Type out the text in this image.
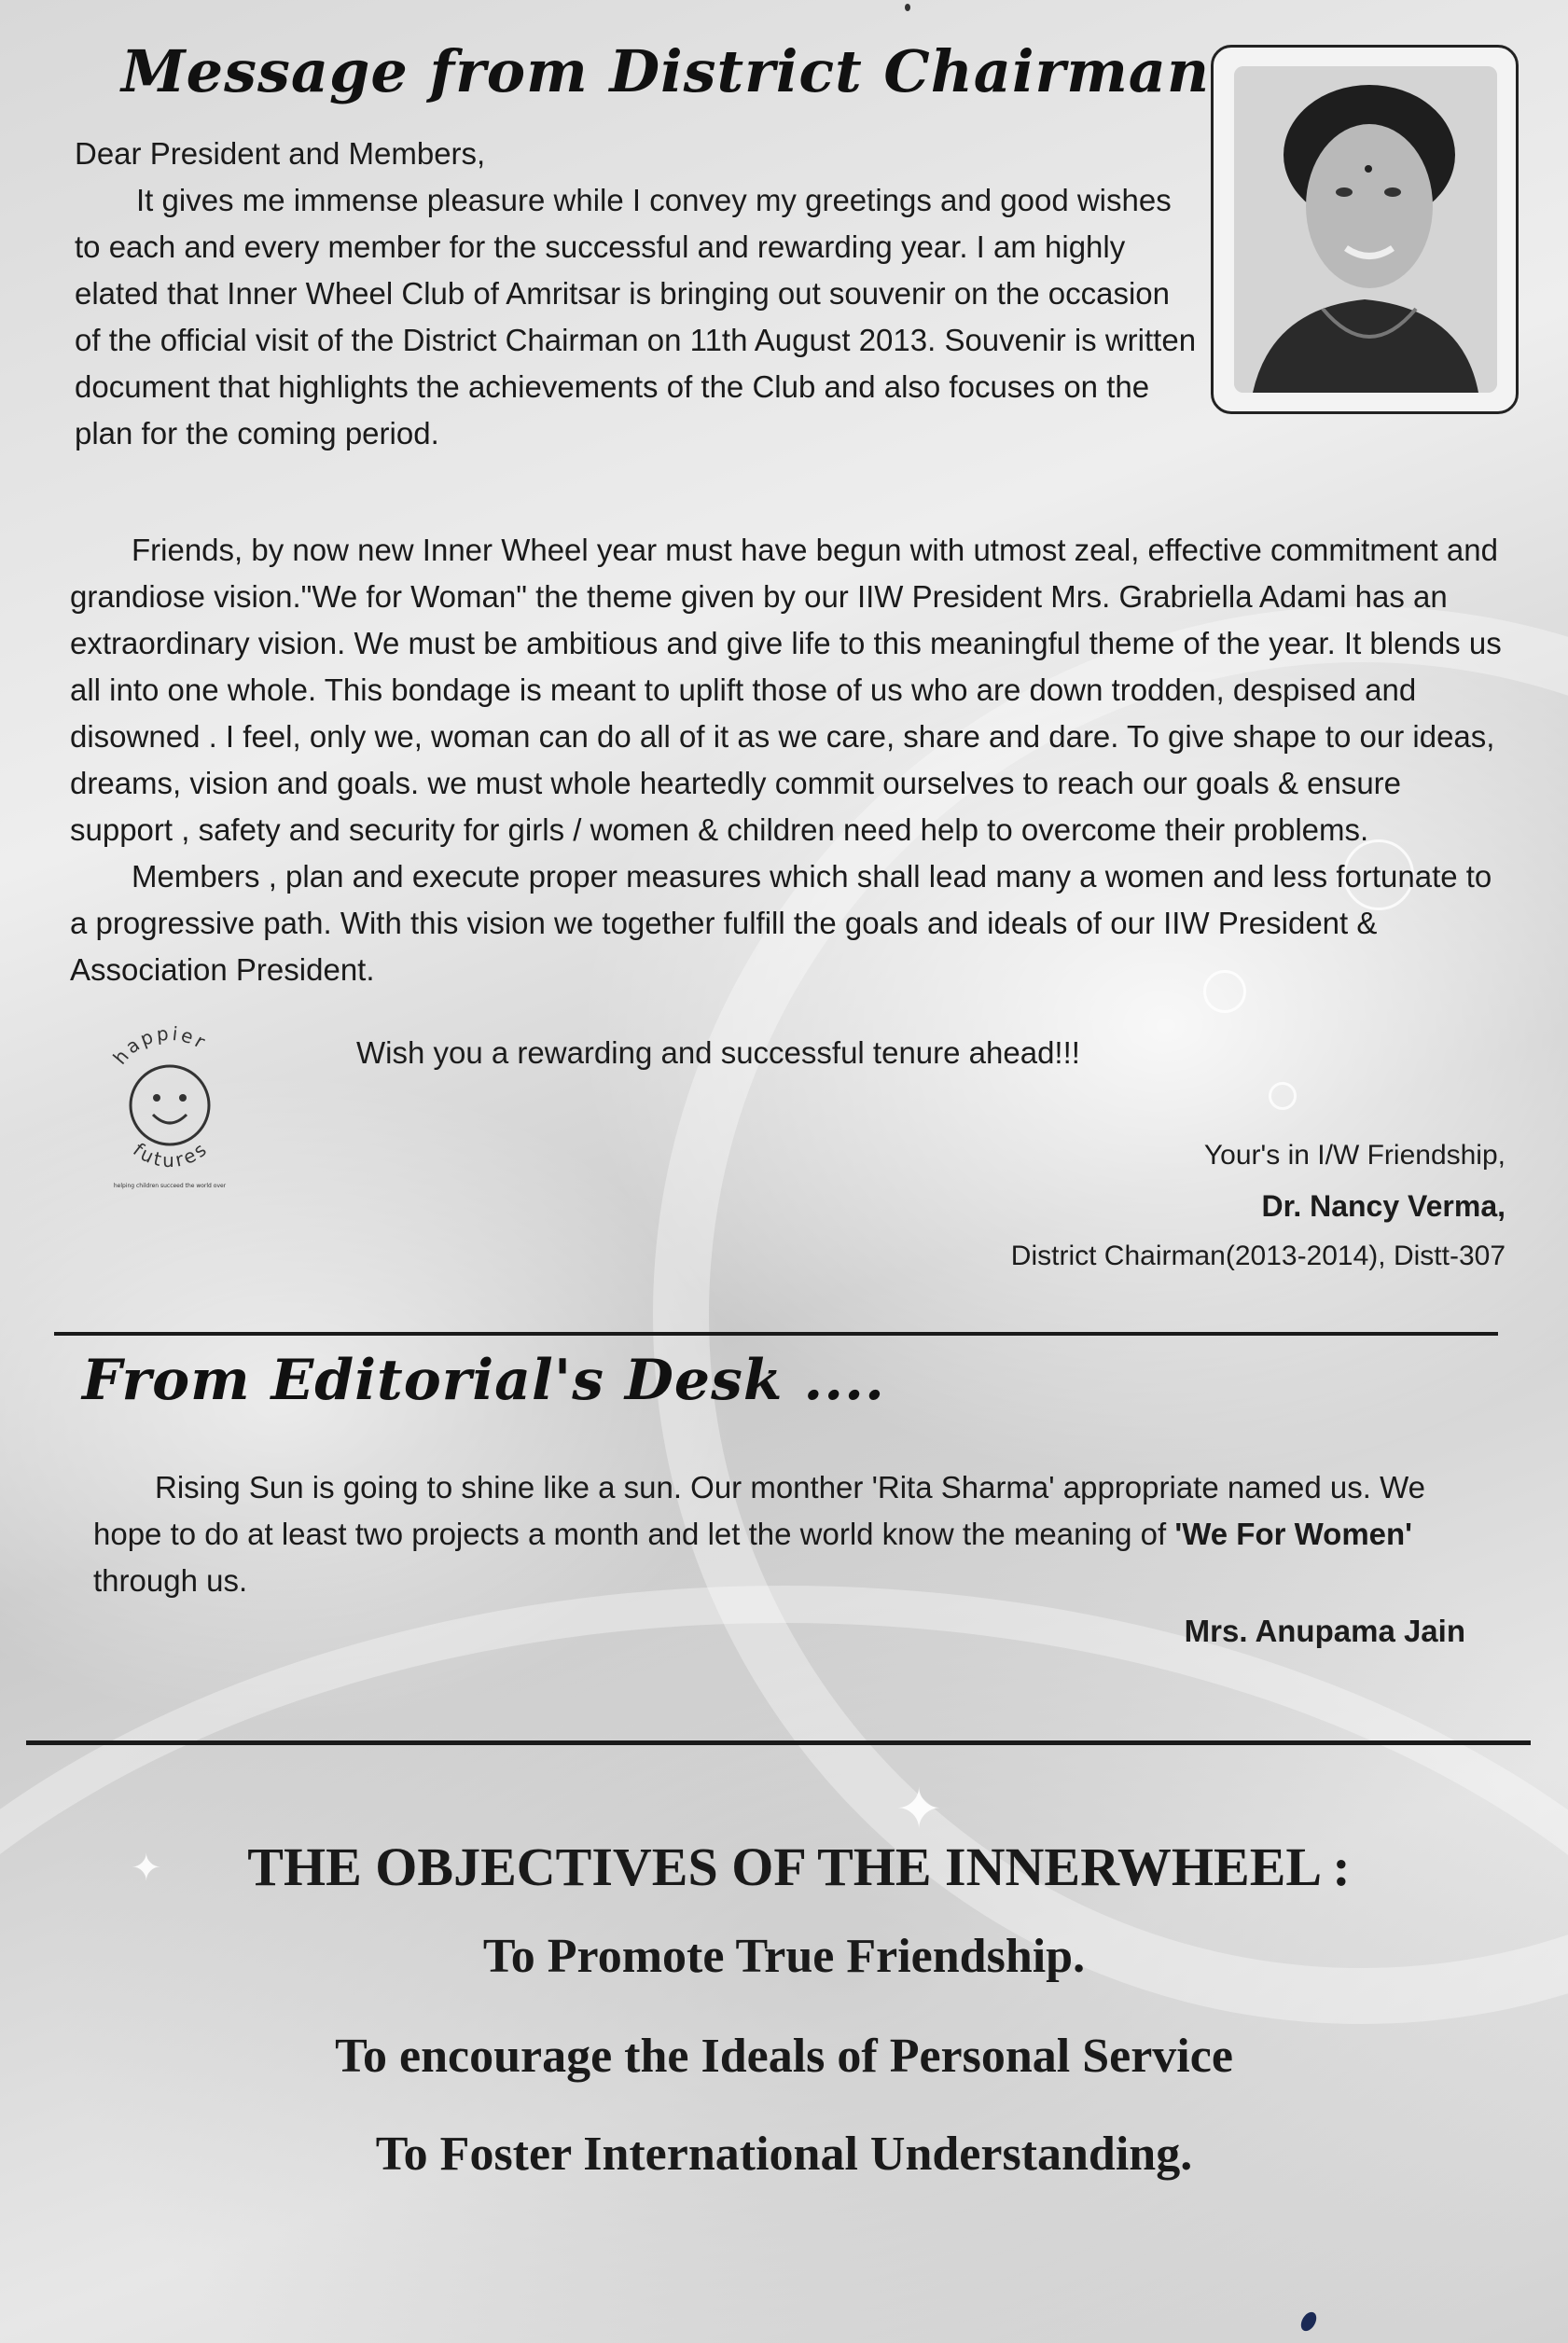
✦
✦
Message from District Chairman

Dear President and Members,

It gives me immense pleasure while I convey my greetings and good wishes to each and every member for the successful and rewarding year. I am highly elated that Inner Wheel Club of Amritsar is bringing out souvenir on the occasion of the official visit of the District Chairman on 11th August 2013. Souvenir is written document that highlights the achievements of the Club and also focuses on the plan for the coming period.

Friends, by now new Inner Wheel year must have begun with utmost zeal, effective commitment and grandiose vision."We for Woman" the theme given by our IIW President Mrs. Grabriella Adami has an extraordinary vision. We must be ambitious and give life to this meaningful theme of the year. It blends us all into one whole. This bondage is meant to uplift those of us who are down trodden, despised and disowned . I feel, only we, woman can do all of it as we care, share and dare. To give shape to our ideas, dreams, vision and goals. we must whole heartedly commit ourselves to reach our goals & ensure support , safety and security for girls / women & children need help to overcome their problems.

Members , plan and execute proper measures which shall lead many a women and less fortunate to a progressive path. With this vision we together fulfill the goals and ideals of our IIW President & Association President.

happier
futures
helping children succeed the world over
Wish you a rewarding and successful tenure ahead!!!
Your's in I/W Friendship,
Dr. Nancy Verma,
District Chairman(2013-2014), Distt-307
From Editorial's Desk ....
Rising Sun is going to shine like a sun. Our monther 'Rita Sharma' appropriate named us. We hope to do at least two projects a month and let the world know the meaning of 'We For Women' through us.
Mrs. Anupama Jain
THE OBJECTIVES OF THE INNERWHEEL :
To Promote True Friendship.
To encourage the Ideals of Personal Service
To Foster International Understanding.
